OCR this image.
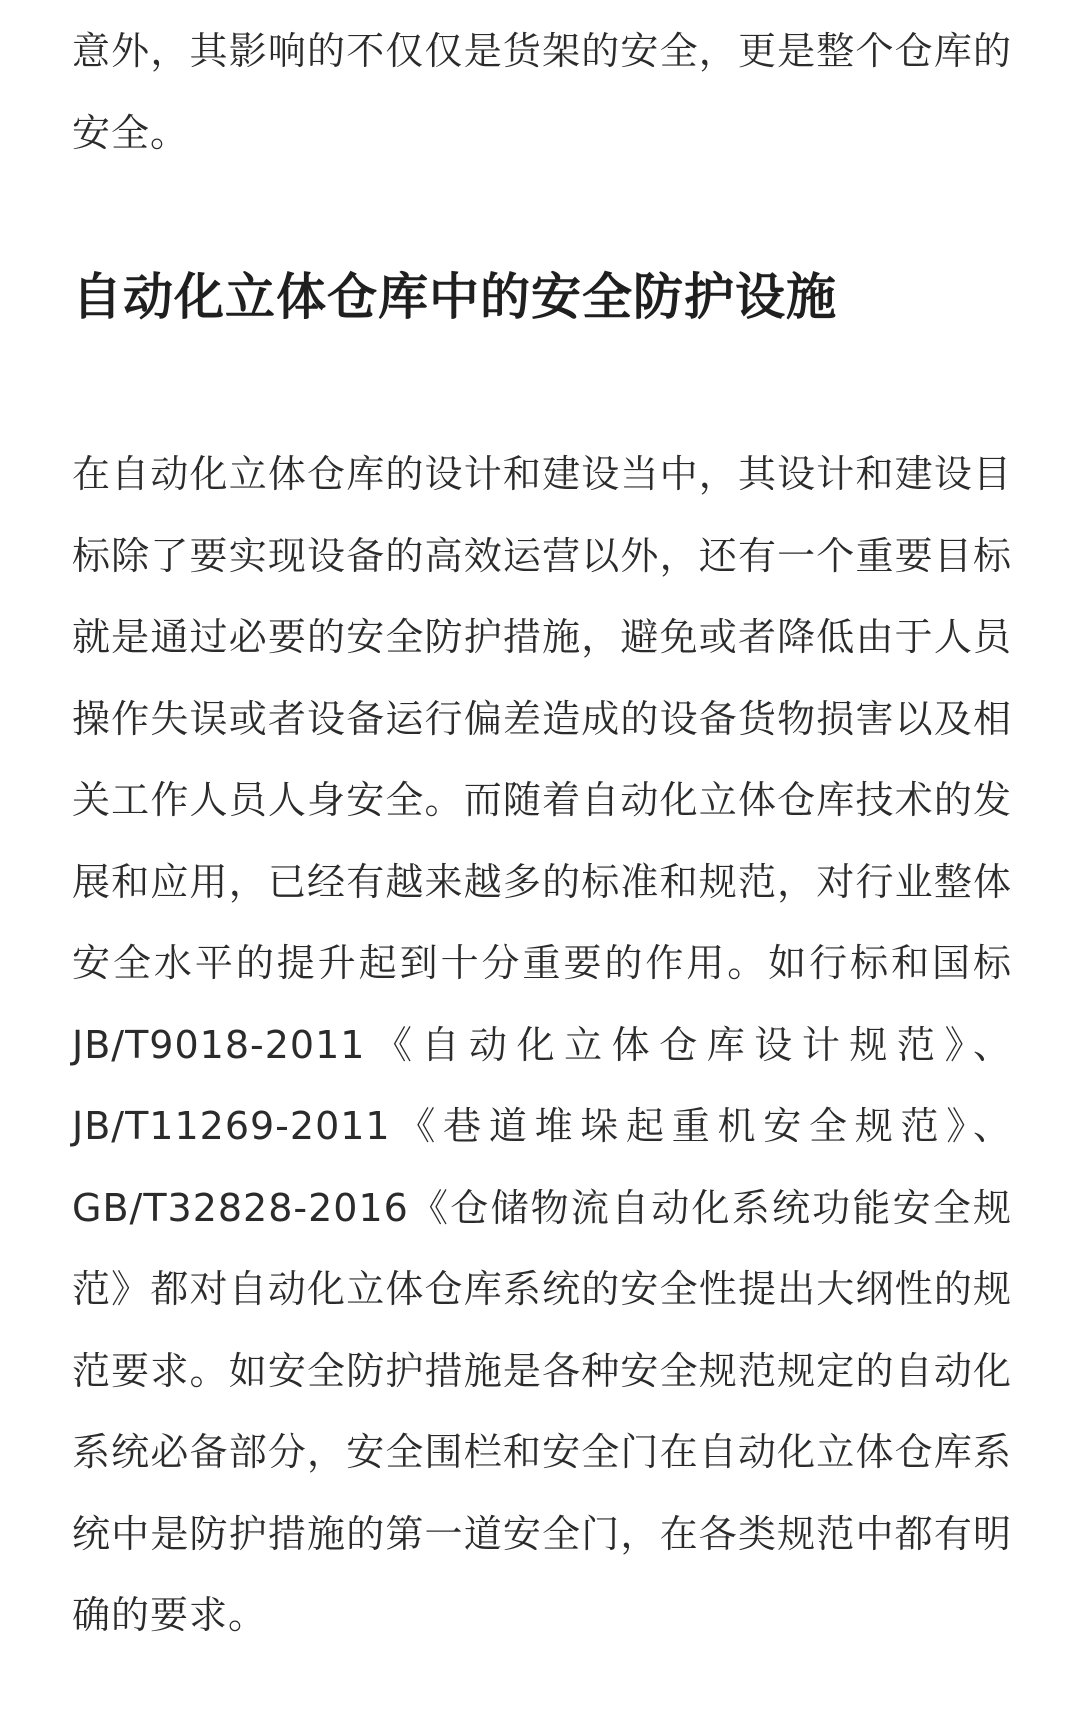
意外，其影响的不仅仅是货架的安全，更是整个仓库的安全。

自动化立体仓库中的安全防护设施

在自动化立体仓库的设计和建设当中，其设计和建设目标除了要实现设备的高效运营以外，还有一个重要目标就是通过必要的安全防护措施，避免或者降低由于人员操作失误或者设备运行偏差造成的设备货物损害以及相关工作人员人身安全。而随着自动化立体仓库技术的发展和应用，已经有越来越多的标准和规范，对行业整体安全水平的提升起到十分重要的作用。如行标和国标JB/T9018-2011《自动化立体仓库设计规范》、JB/T11269-2011《巷道堆垛起重机安全规范》、GB/T32828-2016《仓储物流自动化系统功能安全规范》都对自动化立体仓库系统的安全性提出大纲性的规范要求。如安全防护措施是各种安全规范规定的自动化系统必备部分，安全围栏和安全门在自动化立体仓库系统中是防护措施的第一道安全门，在各类规范中都有明确的要求。
